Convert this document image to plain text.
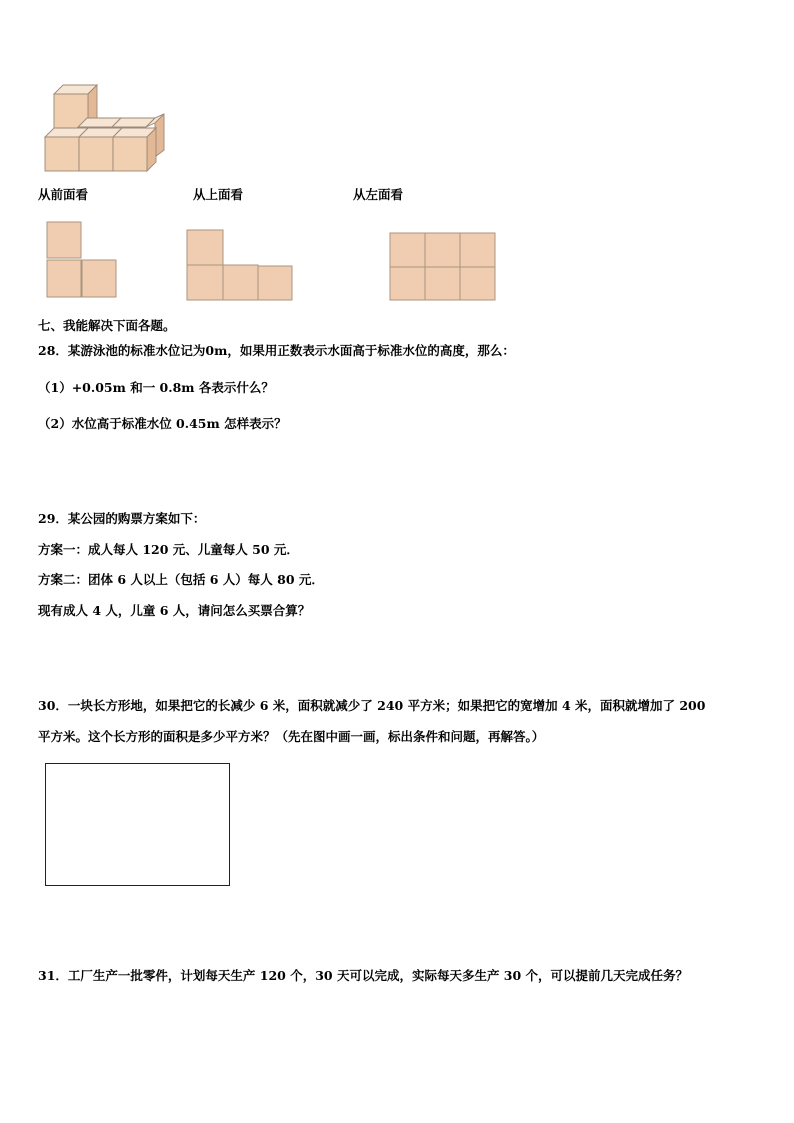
从前面看	从上面看	从左面看
七、我能解决下面各题。
28．某游泳池的标准水位记为0m，如果用正数表示水面高于标准水位的高度，那么：
（1）+0.05m 和一 0.8m 各表示什么？
（2）水位高于标准水位 0.45m 怎样表示？
29．某公园的购票方案如下：
方案一：成人每人 120 元、儿童每人 50 元．
方案二：团体 6 人以上（包括 6 人）每人 80 元．
现有成人 4 人，儿童 6 人，请问怎么买票合算？
30．一块长方形地，如果把它的长减少 6 米，面积就减少了 240 平方米；如果把它的宽增加 4 米，面积就增加了 200
平方米。这个长方形的面积是多少平方米？（先在图中画一画，标出条件和问题，再解答。）
31．工厂生产一批零件，计划每天生产 120 个，30 天可以完成，实际每天多生产 30 个，可以提前几天完成任务？
